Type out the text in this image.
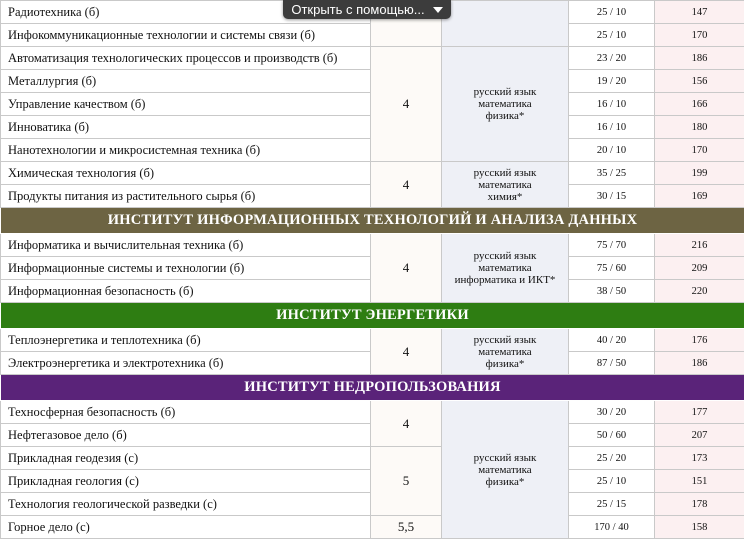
Радиотехника (б)			25 / 10	147
Инфокоммуникационные технологии и системы связи (б)			25 / 10	170
Автоматизация технологических процессов и производств (б)	4	русский язык
математика
физика*	23 / 20	186
Металлургия (б)			19 / 20	156
Управление качеством (б)			16 / 10	166
Инноватика (б)			16 / 10	180
Нанотехнологии и микросистемная техника (б)			20 / 10	170
Химическая технология (б)	4	русский язык
математика
химия*	35 / 25	199
Продукты питания из растительного сырья (б)			30 / 15	169
ИНСТИТУТ ИНФОРМАЦИОННЫХ ТЕХНОЛОГИЙ И АНАЛИЗА ДАННЫХ				
Информатика и вычислительная техника (б)	4	русский язык
математика
информатика и ИКТ*	75 / 70	216
Информационные системы и технологии (б)			75 / 60	209
Информационная безопасность (б)			38 / 50	220
ИНСТИТУТ ЭНЕРГЕТИКИ				
Теплоэнергетика и теплотехника (б)	4	русский язык
математика
физика*	40 / 20	176
Электроэнергетика и электротехника (б)			87 / 50	186
ИНСТИТУТ НЕДРОПОЛЬЗОВАНИЯ				
Техносферная безопасность (б)	4	русский язык
математика
физика*	30 / 20	177
Нефтегазовое дело (б)			50 / 60	207
Прикладная геодезия (с)	5		25 / 20	173
Прикладная геология (с)			25 / 10	151
Технология геологической разведки (с)			25 / 15	178
Горное дело (с)	5,5		170 / 40	158
Открыть с помощью...
